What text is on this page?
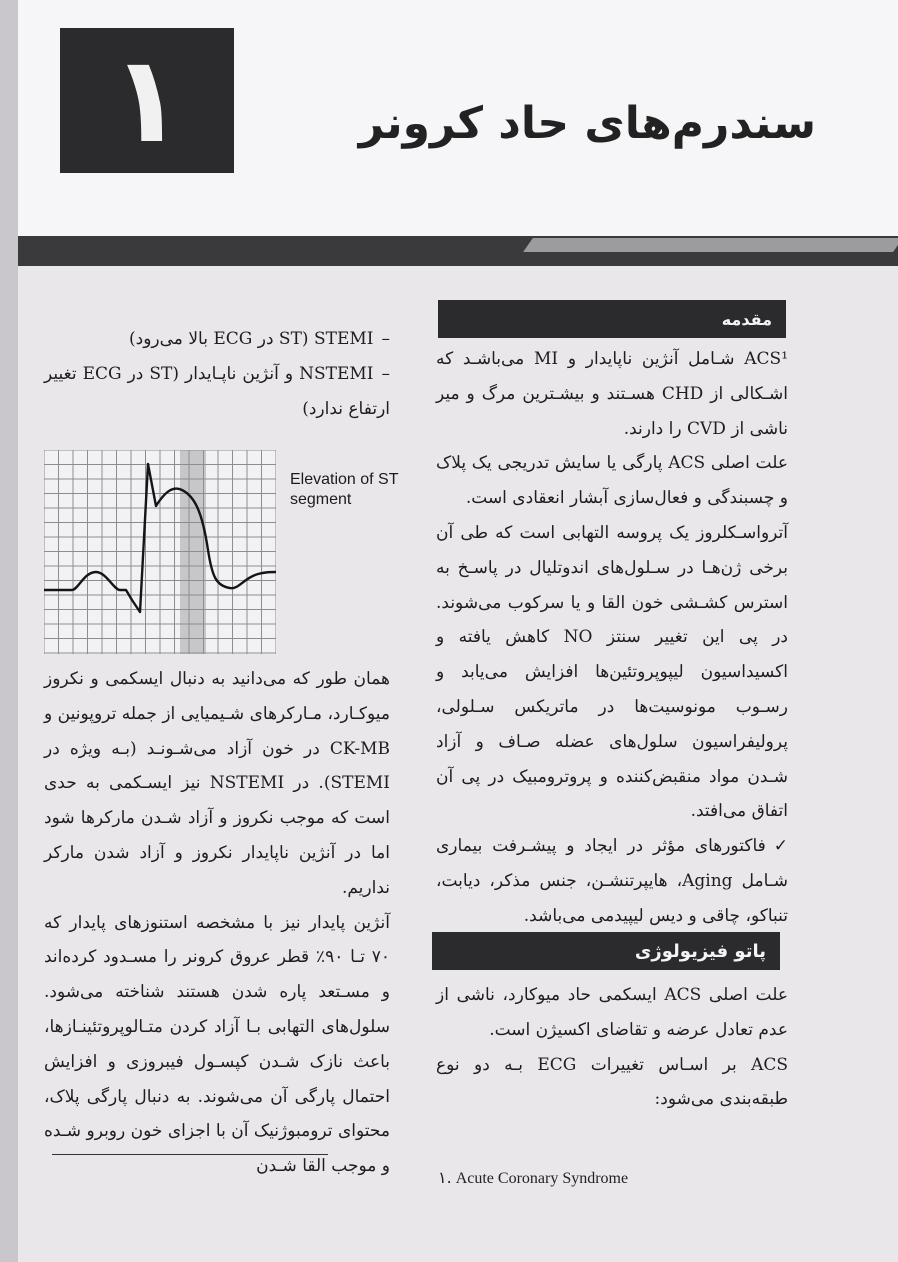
۱	سندرم‌های حاد کرونر
مقدمه

ACS¹ شـامل آنژین ناپایدار و MI می‌باشـد که اشـکالی از CHD هسـتند و بیشـترین مرگ و میر ناشی از CVD را دارند.

علت اصلی ACS پارگی یا سایش تدریجی یک پلاک و چسبندگی و فعال‌سازی آبشار انعقادی است.

آترواسـکلروز یک پروسه التهابی است که طی آن برخی ژن‌هـا در سـلول‌های اندوتلیال در پاسـخ به استرس کشـشی خون القا و یا سرکوب می‌شوند. در پی این تغییر سنتز NO کاهش یافته و اکسیداسیون لیپوپروتئین‌ها افزایش می‌یابد و رسـوب مونوسیت‌ها در ماتریکس سـلولی، پرولیفراسیون سلول‌های عضله صـاف و آزاد شـدن مواد منقبض‌کننده و پروترومبیک در پی آن اتفاق می‌افتد.

✓فاکتورهای مؤثر در ایجاد و پیشـرفت بیماری شـامل Aging، هایپرتنشـن، جنس مذکر، دیابت، تنباکو، چاقی و دیس لیپیدمی می‌باشد.

پاتو فیزیولوژی

علت اصلی ACS ایسکمی حاد میوکارد، ناشی از عدم تعادل عرضه و تقاضای اکسیژن است.

ACS بر اسـاس تغییرات ECG بـه دو نوع طبقه‌بندی می‌شود:

–STEMI (ST در ECG بالا می‌رود)

–NSTEMI و آنژین ناپـایدار (ST در ECG تغییر ارتفاع ندارد)

Elevation of ST segment

همان طور که می‌دانید به دنبال ایسکمی و نکروز میوکـارد، مـارکرهای شـیمیایی از جمله تروپونین و CK-MB در خون آزاد می‌شـونـد (بـه ویژه در STEMI). در NSTEMI نیز ایسـکمی به حدی است که موجب نکروز و آزاد شـدن مارکرها شود اما در آنژین ناپایدار نکروز و آزاد شدن مارکر نداریم.

آنژین پایدار نیز با مشخصه استنوزهای پایدار که ۷۰ تـا ۹۰٪ قطر عروق کرونر را مسـدود کرده‌اند و مسـتعد پاره شدن هستند شناخته می‌شود. سلول‌های التهابی بـا آزاد کردن متـالوپروتئینـازها، باعث نازک شـدن کپسـول فیبروزی و افزایش احتمال پارگی آن می‌شوند. به دنبال پارگی پلاک، محتوای ترومبوژنیک آن با اجزای خون روبرو شـده و موجب القا شـدن

۱. Acute Coronary Syndrome
